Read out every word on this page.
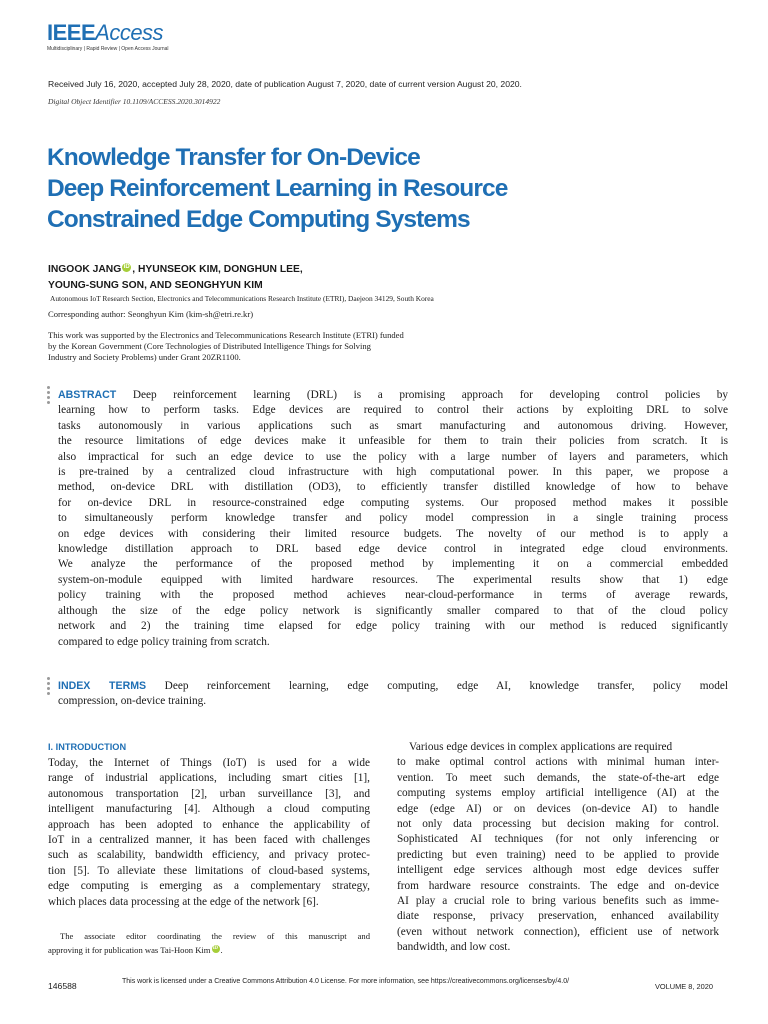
IEEEAccess
Multidisciplinary | Rapid Review | Open Access Journal
Received July 16, 2020, accepted July 28, 2020, date of publication August 7, 2020, date of current version August 20, 2020.
Digital Object Identifier 10.1109/ACCESS.2020.3014922
Knowledge Transfer for On-Device
Deep Reinforcement Learning in Resource
Constrained Edge Computing Systems
INGOOK JANG iD , HYUNSEOK KIM, DONGHUN LEE,
YOUNG-SUNG SON, AND SEONGHYUN KIM
Autonomous IoT Research Section, Electronics and Telecommunications Research Institute (ETRI), Daejeon 34129, South Korea
Corresponding author: Seonghyun Kim (kim-sh@etri.re.kr)
This work was supported by the Electronics and Telecommunications Research Institute (ETRI) funded
by the Korean Government (Core Technologies of Distributed Intelligence Things for Solving
Industry and Society Problems) under Grant 20ZR1100.
ABSTRACT Deep reinforcement learning (DRL) is a promising approach for developing control policies by
learning how to perform tasks. Edge devices are required to control their actions by exploiting DRL to solve
tasks autonomously in various applications such as smart manufacturing and autonomous driving. However,
the resource limitations of edge devices make it unfeasible for them to train their policies from scratch. It is
also impractical for such an edge device to use the policy with a large number of layers and parameters, which
is pre-trained by a centralized cloud infrastructure with high computational power. In this paper, we propose a
method, on-device DRL with distillation (OD3), to efficiently transfer distilled knowledge of how to behave
for on-device DRL in resource-constrained edge computing systems. Our proposed method makes it possible
to simultaneously perform knowledge transfer and policy model compression in a single training process
on edge devices with considering their limited resource budgets. The novelty of our method is to apply a
knowledge distillation approach to DRL based edge device control in integrated edge cloud environments.
We analyze the performance of the proposed method by implementing it on a commercial embedded
system-on-module equipped with limited hardware resources. The experimental results show that 1) edge
policy training with the proposed method achieves near-cloud-performance in terms of average rewards,
although the size of the edge policy network is significantly smaller compared to that of the cloud policy
network and 2) the training time elapsed for edge policy training with our method is reduced significantly
compared to edge policy training from scratch.
INDEX TERMS Deep reinforcement learning, edge computing, edge AI, knowledge transfer, policy model
compression, on-device training.
I. INTRODUCTION
Today, the Internet of Things (IoT) is used for a wide
range of industrial applications, including smart cities [1],
autonomous transportation [2], urban surveillance [3], and
intelligent manufacturing [4]. Although a cloud computing
approach has been adopted to enhance the applicability of
IoT in a centralized manner, it has been faced with challenges
such as scalability, bandwidth efficiency, and privacy protec-
tion [5]. To alleviate these limitations of cloud-based systems,
edge computing is emerging as a complementary strategy,
which places data processing at the edge of the network [6].
Various edge devices in complex applications are required
to make optimal control actions with minimal human inter-
vention. To meet such demands, the state-of-the-art edge
computing systems employ artificial intelligence (AI) at the
edge (edge AI) or on devices (on-device AI) to handle
not only data processing but decision making for control.
Sophisticated AI techniques (for not only inferencing or
predicting but even training) need to be applied to provide
intelligent edge services although most edge devices suffer
from hardware resource constraints. The edge and on-device
AI play a crucial role to bring various benefits such as imme-
diate response, privacy preservation, enhanced availability
(even without network connection), efficient use of network
bandwidth, and low cost.
The associate editor coordinating the review of this manuscript and
approving it for publication was Tai-Hoon Kim iD .
146588	This work is licensed under a Creative Commons Attribution 4.0 License. For more information, see https://creativecommons.org/licenses/by/4.0/
VOLUME 8, 2020
